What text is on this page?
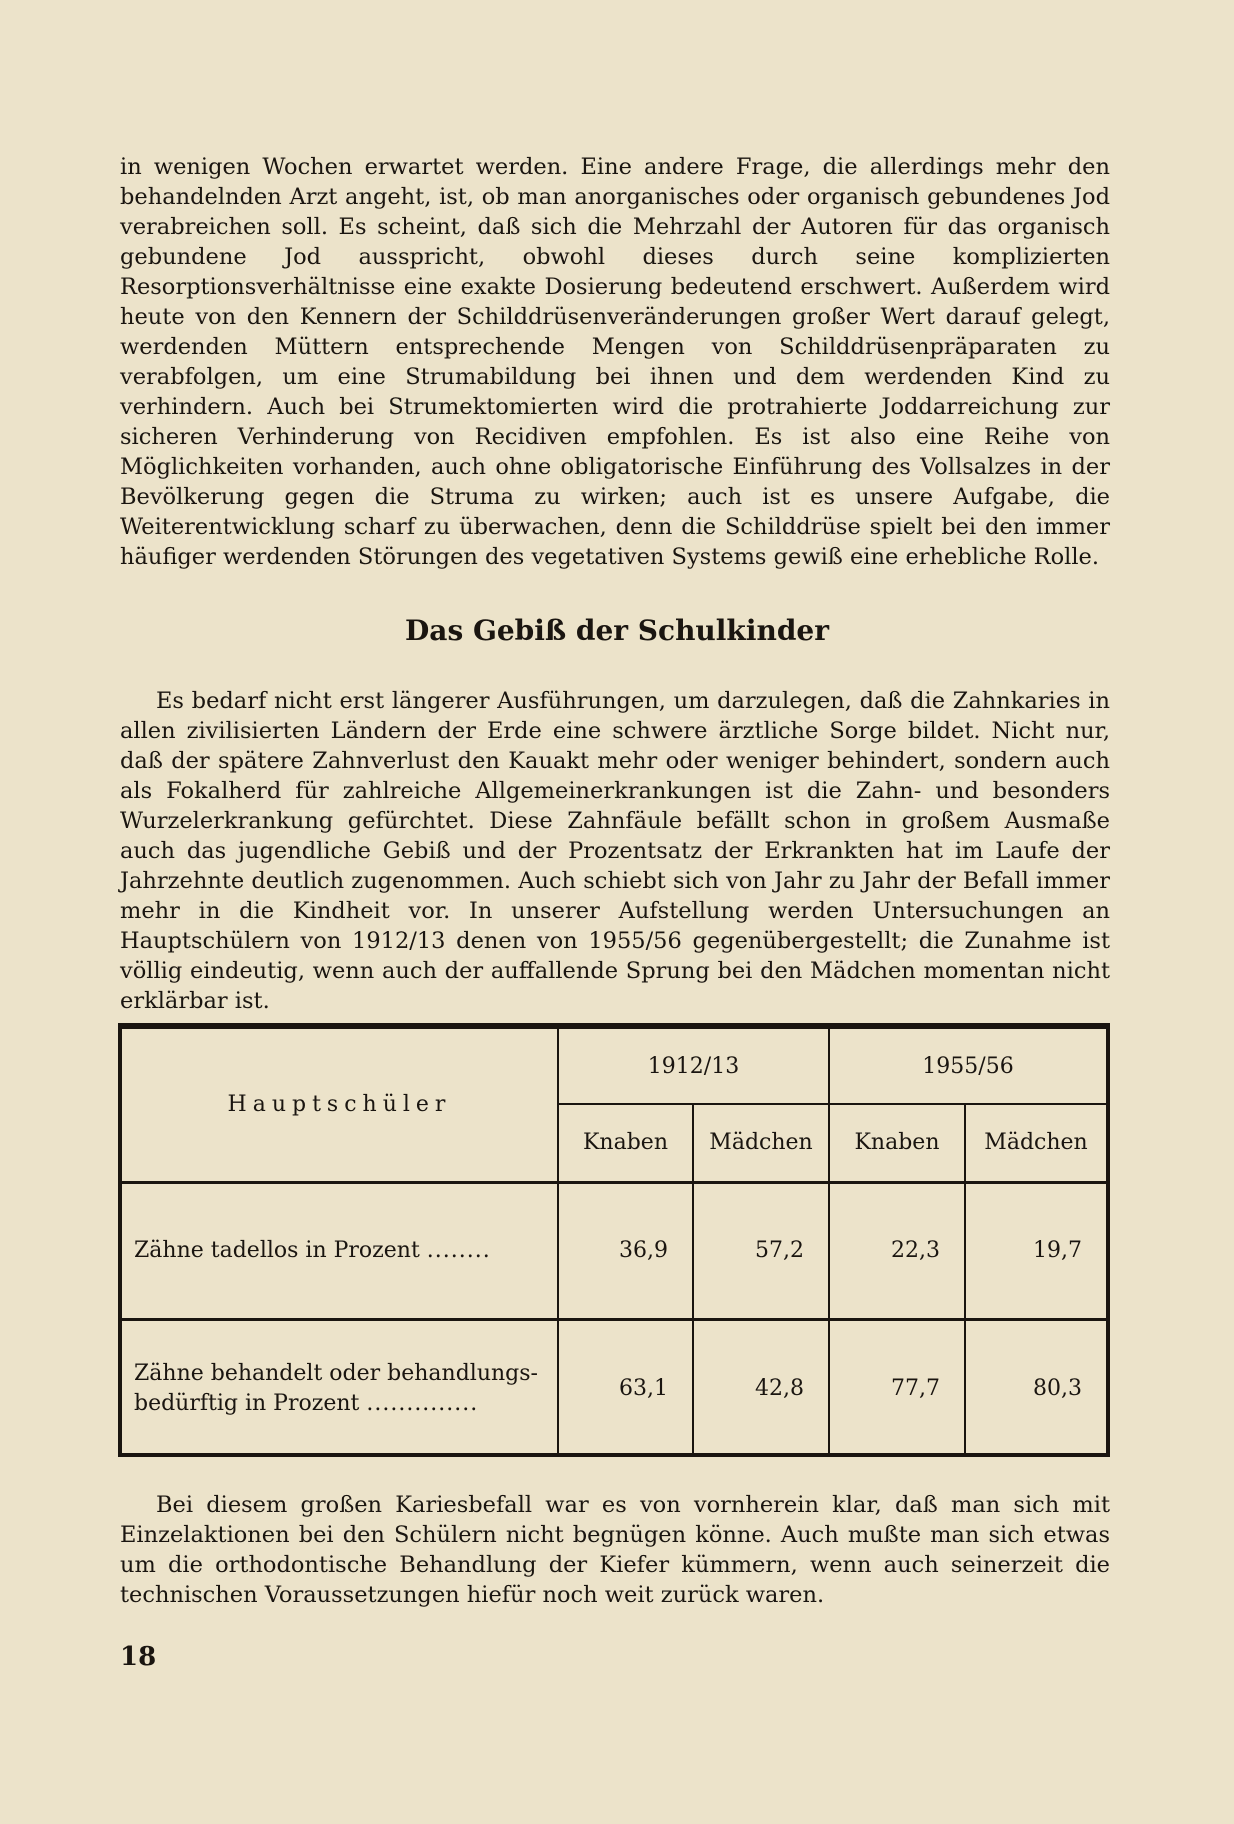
in wenigen Wochen erwartet werden. Eine andere Frage, die allerdings mehr den behandelnden Arzt angeht, ist, ob man anorganisches oder organisch gebundenes Jod verabreichen soll. Es scheint, daß sich die Mehrzahl der Autoren für das organisch gebundene Jod ausspricht, obwohl dieses durch seine komplizierten Resorptionsverhältnisse eine exakte Dosierung bedeutend erschwert. Außerdem wird heute von den Kennern der Schilddrüsenveränderungen großer Wert darauf gelegt, werdenden Müttern entsprechende Mengen von Schilddrüsenpräparaten zu verabfolgen, um eine Strumabildung bei ihnen und dem werdenden Kind zu verhindern. Auch bei Strumektomierten wird die protrahierte Joddarreichung zur sicheren Verhinderung von Recidiven empfohlen. Es ist also eine Reihe von Möglichkeiten vorhanden, auch ohne obligatorische Einführung des Vollsalzes in der Bevölkerung gegen die Struma zu wirken; auch ist es unsere Aufgabe, die Weiterentwicklung scharf zu überwachen, denn die Schilddrüse spielt bei den immer häufiger werdenden Störungen des vegetativen Systems gewiß eine erhebliche Rolle.

Das Gebiß der Schulkinder

Es bedarf nicht erst längerer Ausführungen, um darzulegen, daß die Zahnkaries in allen zivilisierten Ländern der Erde eine schwere ärztliche Sorge bildet. Nicht nur, daß der spätere Zahnverlust den Kauakt mehr oder weniger behindert, sondern auch als Fokalherd für zahlreiche Allgemeinerkrankungen ist die Zahn- und besonders Wurzelerkrankung gefürchtet. Diese Zahnfäule befällt schon in großem Ausmaße auch das jugendliche Gebiß und der Prozentsatz der Erkrankten hat im Laufe der Jahrzehnte deutlich zugenommen. Auch schiebt sich von Jahr zu Jahr der Befall immer mehr in die Kindheit vor. In unserer Aufstellung werden Untersuchungen an Hauptschülern von 1912/13 denen von 1955/56 gegenübergestellt; die Zunahme ist völlig eindeutig, wenn auch der auffallende Sprung bei den Mädchen momentan nicht erklärbar ist.

Hauptschüler	1912/13		1955/56	
	Knaben	Mädchen	Knaben	Mädchen
Zähne tadellos in Prozent ........	36,9	57,2	22,3	19,7
Zähne behandelt oder behandlungs-
bedürftig in Prozent ..............	63,1	42,8	77,7	80,3

Bei diesem großen Kariesbefall war es von vornherein klar, daß man sich mit Einzelaktionen bei den Schülern nicht begnügen könne. Auch mußte man sich etwas um die orthodontische Behandlung der Kiefer kümmern, wenn auch seinerzeit die technischen Voraussetzungen hiefür noch weit zurück waren.

18
